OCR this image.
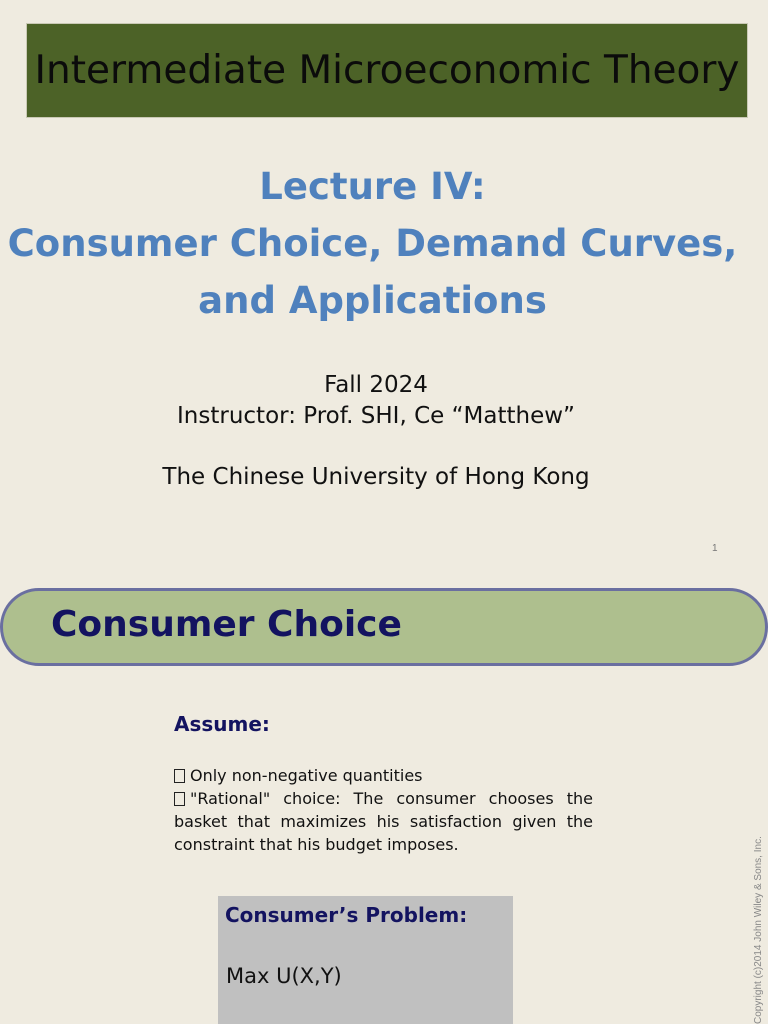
Intermediate Microeconomic Theory
Lecture IV:
Consumer Choice, Demand Curves,
and Applications
Fall 2024
Instructor: Prof. SHI, Ce “Matthew”
The Chinese University of Hong Kong
1
Consumer Choice
Assume:
Only non-negative quantities
"Rational" choice: The consumer chooses the
basket that maximizes his satisfaction given the
constraint that his budget imposes.
Consumer’s Problem:
Max U(X,Y)	Copyright (c)2014 John Wiley & Sons, Inc.
